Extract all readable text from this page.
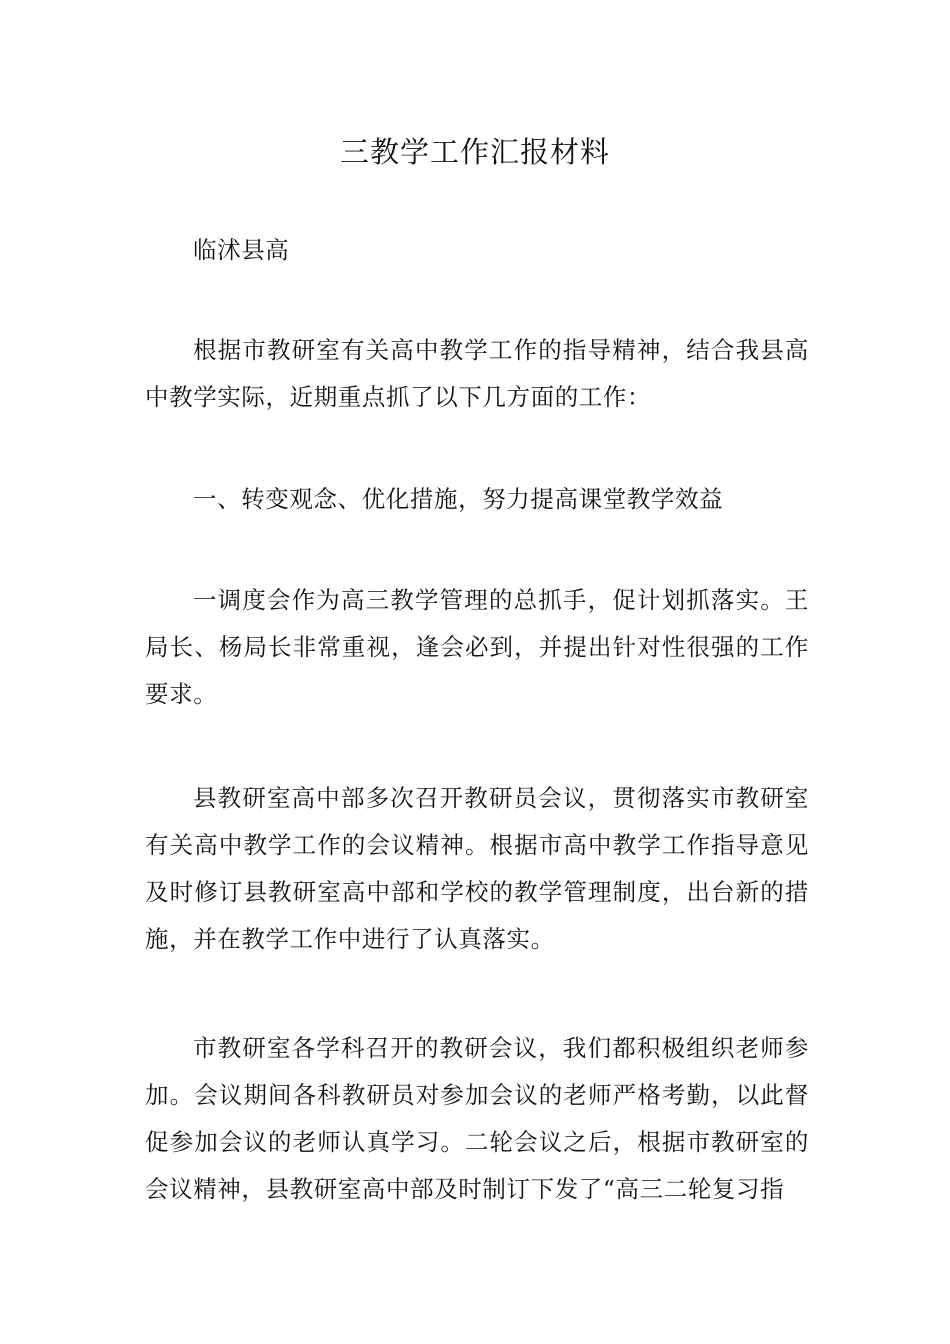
三教学工作汇报材料

临沭县高

根据市教研室有关高中教学工作的指导精神，结合我县高中教学实际，近期重点抓了以下几方面的工作：

一、转变观念、优化措施，努力提高课堂教学效益

一调度会作为高三教学管理的总抓手，促计划抓落实。王局长、杨局长非常重视，逢会必到，并提出针对性很强的工作要求。

县教研室高中部多次召开教研员会议，贯彻落实市教研室有关高中教学工作的会议精神。根据市高中教学工作指导意见及时修订县教研室高中部和学校的教学管理制度，出台新的措施，并在教学工作中进行了认真落实。

市教研室各学科召开的教研会议，我们都积极组织老师参加。会议期间各科教研员对参加会议的老师严格考勤，以此督促参加会议的老师认真学习。二轮会议之后，根据市教研室的会议精神，县教研室高中部及时制订下发了“高三二轮复习指
